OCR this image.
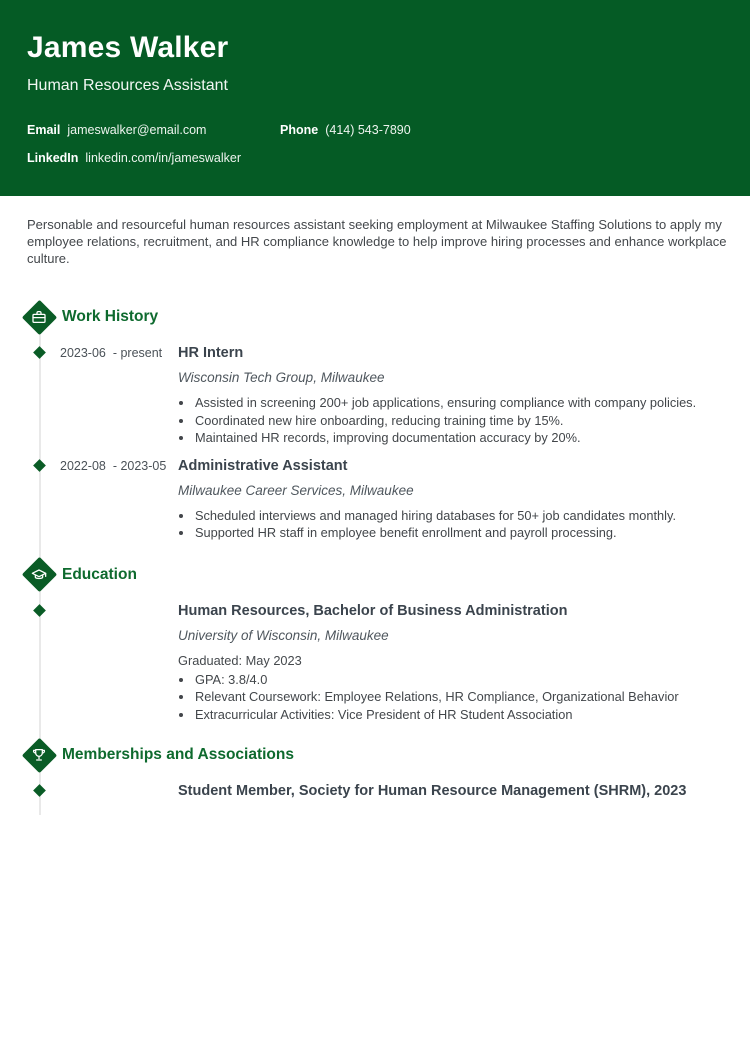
James Walker
Human Resources Assistant
Email jameswalker@email.com	Phone (414) 543-7890
LinkedIn linkedin.com/in/jameswalker

Personable and resourceful human resources assistant seeking employment at Milwaukee Staffing Solutions to apply my employee relations, recruitment, and HR compliance knowledge to help improve hiring processes and enhance workplace culture.

Work History
2023-06  - present	HR Intern
Wisconsin Tech Group, Milwaukee
• Assisted in screening 200+ job applications, ensuring compliance with company policies.
• Coordinated new hire onboarding, reducing training time by 15%.
• Maintained HR records, improving documentation accuracy by 20%.
2022-08  - 2023-05 Administrative Assistant
Milwaukee Career Services, Milwaukee
• Scheduled interviews and managed hiring databases for 50+ job candidates monthly.
• Supported HR staff in employee benefit enrollment and payroll processing.
Education
Human Resources, Bachelor of Business Administration
University of Wisconsin, Milwaukee
Graduated: May 2023
• GPA: 3.8/4.0
• Relevant Coursework: Employee Relations, HR Compliance, Organizational Behavior
• Extracurricular Activities: Vice President of HR Student Association
Memberships and Associations
Student Member, Society for Human Resource Management (SHRM), 2023
